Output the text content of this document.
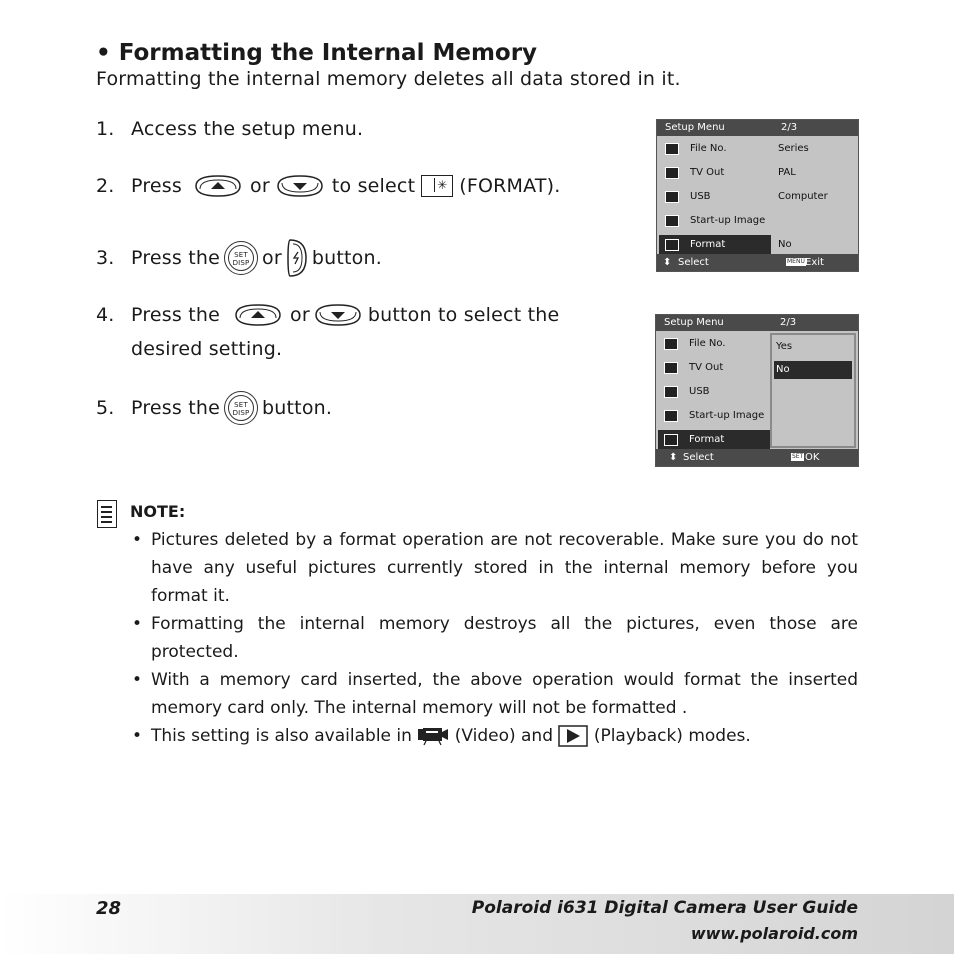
• Formatting the Internal Memory
Formatting the internal memory deletes all data stored in it.
1. Access the setup menu.
2. Press	or	to select ✳ (FORMAT).
3. Press the	SET
DISP or button.
4. Press the	or	button to select the
desired setting.
5. Press the	SET
DISP button.
Setup Menu	2/3
File No.	Series
TV Out	PAL
USB	Computer
Start-up Image
Format	No
⬍ Select	MENU Exit
Setup Menu	2/3
File No.
TV Out
USB
Start-up Image
Format
Yes
No
⬍ Select	SET OK
NOTE:
• Pictures deleted by a format operation are not recoverable. Make sure you do not have any useful pictures currently stored in the internal memory before you format it.
• Formatting the internal memory destroys all the pictures, even those are protected.
• With a memory card inserted, the above operation would format the inserted memory card only. The internal memory will not be formatted .
• This setting is also available in	(Video) and (Playback) modes.
28	Polaroid i631 Digital Camera User Guide
www.polaroid.com
